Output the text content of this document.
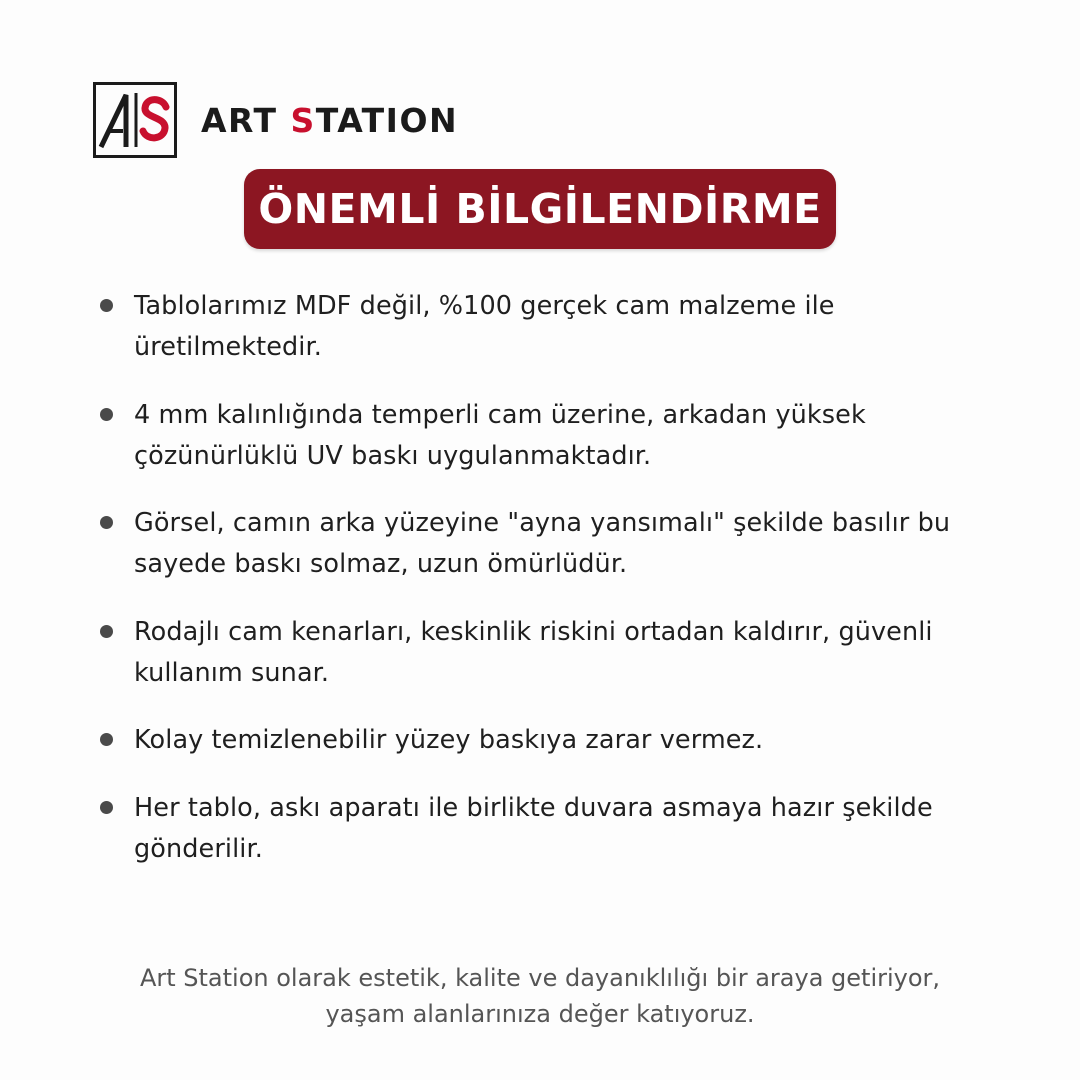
ART STATION
ÖNEMLİ BİLGİLENDİRME
Tablolarımız MDF değil, %100 gerçek cam malzeme ile üretilmektedir.
4 mm kalınlığında temperli cam üzerine, arkadan yüksek çözünürlüklü UV baskı uygulanmaktadır.
Görsel, camın arka yüzeyine "ayna yansımalı" şekilde basılır bu sayede baskı solmaz, uzun ömürlüdür.
Rodajlı cam kenarları, keskinlik riskini ortadan kaldırır, güvenli kullanım sunar.
Kolay temizlenebilir yüzey baskıya zarar vermez.
Her tablo, askı aparatı ile birlikte duvara asmaya hazır şekilde gönderilir.
Art Station olarak estetik, kalite ve dayanıklılığı bir araya getiriyor,
yaşam alanlarınıza değer katıyoruz.
